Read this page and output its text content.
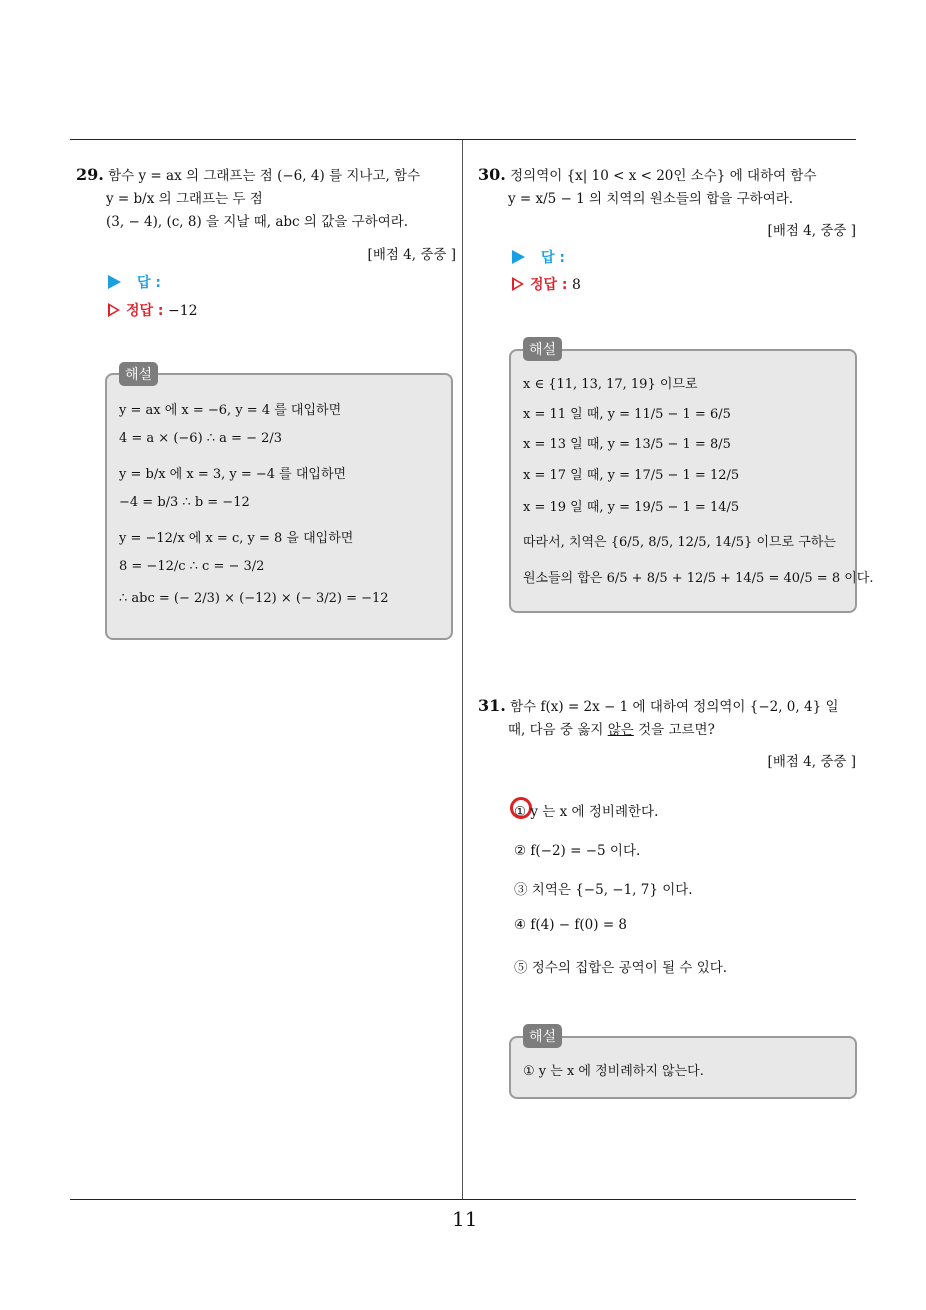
29. 함수 y = ax 의 그래프는 점 (−6, 4) 를 지나고, 함수
y = b/x 의 그래프는 두 점
(3, − 4), (c, 8) 을 지날 때, abc 의 값을 구하여라.
[배점 4, 중중 ]
답 :
정답 : −12
y = ax 에 x = −6, y = 4 를 대입하면
4 = a × (−6) ∴ a = − 2/3
y = b/x 에 x = 3, y = −4 를 대입하면
−4 = b/3 ∴ b = −12
y = −12/x 에 x = c, y = 8 을 대입하면
8 = −12/c ∴ c = − 3/2
∴ abc = (− 2/3) × (−12) × (− 3/2) = −12
해설
30. 정의역이 {x| 10 < x < 20인 소수} 에 대하여 함수
y = x/5 − 1 의 치역의 원소들의 합을 구하여라.
[배점 4, 중중 ]
답 :
정답 : 8
x ∈ {11, 13, 17, 19} 이므로
x = 11 일 때, y = 11/5 − 1 = 6/5
x = 13 일 때, y = 13/5 − 1 = 8/5
x = 17 일 때, y = 17/5 − 1 = 12/5
x = 19 일 때, y = 19/5 − 1 = 14/5
따라서, 치역은 {6/5, 8/5, 12/5, 14/5} 이므로 구하는
원소들의 합은 6/5 + 8/5 + 12/5 + 14/5 = 40/5 = 8 이다.
해설
31. 함수 f(x) = 2x − 1 에 대하여 정의역이 {−2, 0, 4} 일
때, 다음 중 옳지 않은 것을 고르면?
[배점 4, 중중 ]
① y 는 x 에 정비례한다.
② f(−2) = −5 이다.
③ 치역은 {−5, −1, 7} 이다.
④ f(4) − f(0) = 8
⑤ 정수의 집합은 공역이 될 수 있다.
① y 는 x 에 정비례하지 않는다.
해설
11
